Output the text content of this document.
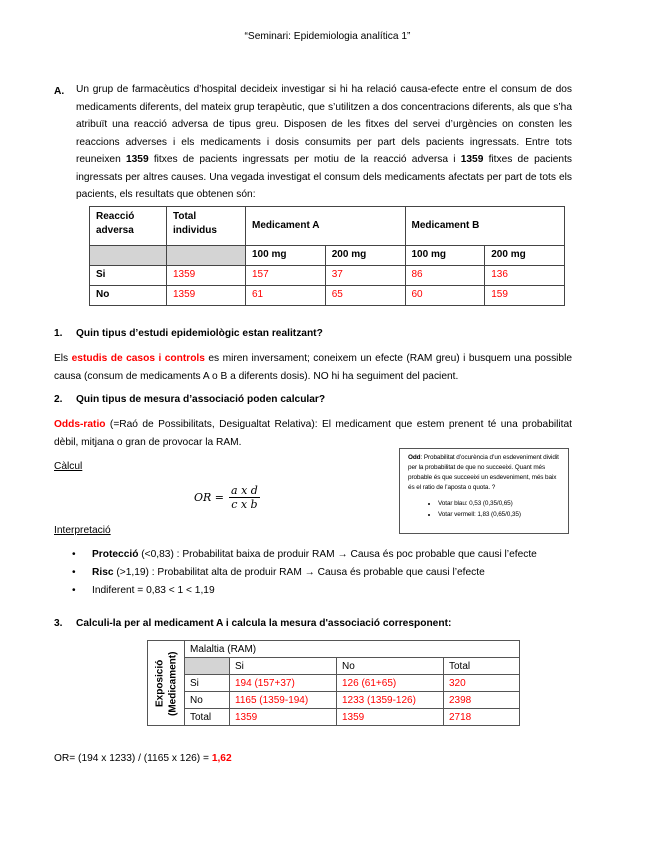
“Seminari: Epidemiologia analítica 1”
A. Un grup de farmacèutics d’hospital decideix investigar si hi ha relació causa-efecte entre el consum de dos medicaments diferents, del mateix grup terapèutic, que s’utilitzen a dos concentracions diferents, als que s’ha atribuït una reacció adversa de tipus greu. Disposen de les fitxes del servei d’urgències on consten les reaccions adverses i els medicaments i dosis consumits per part dels pacients ingressats. Entre tots reuneixen 1359 fitxes de pacients ingressats per motiu de la reacció adversa i 1359 fitxes de pacients ingressats per altres causes. Una vegada investigat el consum dels medicaments afectats per part de tots els pacients, els resultats que obtenen són:
Reacció adversa	Total individus	Medicament A		Medicament B	
		100 mg	200 mg	100 mg	200 mg
Si	1359	157	37	86	136
No	1359	61	65	60	159
1. Quin tipus d’estudi epidemiològic estan realitzant?
Els estudis de casos i controls es miren inversament; coneixem un efecte (RAM greu) i busquem una possible causa (consum de medicaments A o B a diferents dosis). NO hi ha seguiment del pacient.
2. Quin tipus de mesura d’associació poden calcular?
Odds-ratio (=Raó de Possibilitats, Desigualtat Relativa): El medicament que estem prenent té una probabilitat dèbil, mitjana o gran de provocar la RAM.
Càlcul
OR = $\frac{\text{a x d}}{\text{c x b}}$
Interpretació
Odd: Probabilitat d’ocurència d’un esdeveniment dividit per la probabilitat de que no succeeixi. Quant més probable és que succeeixi un esdeveniment, més baix és el ratio de l’aposta o quota. ?
• Votar blau: 0,53 (0,35/0,65)
• Votar vermell: 1,83 (0,65/0,35)
•	Protecció (<0,83) : Probabilitat baixa de produir RAM → Causa és poc probable que causi l’efecte
•	Risc (>1,19) : Probabilitat alta de produir RAM → Causa és probable que causi l’efecte
•	Indiferent = 0,83 < 1 < 1,19
3. Calculi-la per al medicament A i calcula la mesura d'associació corresponent:
Exposició (Medicament)	Malaltia (RAM)			
		Si	No	Total
	Si	194 (157+37)	126 (61+65)	320
	No	1165 (1359-194)	1233 (1359-126)	2398
	Total	1359	1359	2718
OR= (194 x 1233) / (1165 x 126) = 1,62
